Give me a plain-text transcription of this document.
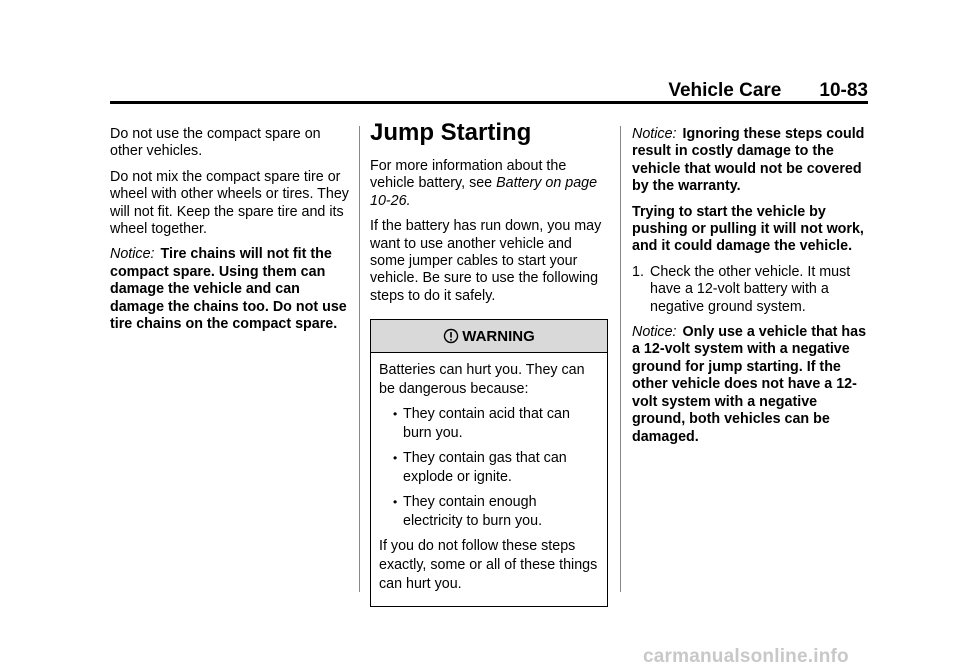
Vehicle Care 10-83

Do not use the compact spare on other vehicles.

Do not mix the compact spare tire or wheel with other wheels or tires. They will not fit. Keep the spare tire and its wheel together.

Notice: Tire chains will not fit the compact spare. Using them can damage the vehicle and can damage the chains too. Do not use tire chains on the compact spare.

Jump Starting

For more information about the vehicle battery, see Battery on page 10-26.

If the battery has run down, you may want to use another vehicle and some jumper cables to start your vehicle. Be sure to use the following steps to do it safely.

WARNING

Batteries can hurt you. They can be dangerous because:

• They contain acid that can burn you.
• They contain gas that can explode or ignite.
• They contain enough electricity to burn you.

If you do not follow these steps exactly, some or all of these things can hurt you.

Notice: Ignoring these steps could result in costly damage to the vehicle that would not be covered by the warranty.

Trying to start the vehicle by pushing or pulling it will not work, and it could damage the vehicle.

1. Check the other vehicle. It must have a 12-volt battery with a negative ground system.

Notice: Only use a vehicle that has a 12-volt system with a negative ground for jump starting. If the other vehicle does not have a 12-volt system with a negative ground, both vehicles can be damaged.

carmanualsonline.info
